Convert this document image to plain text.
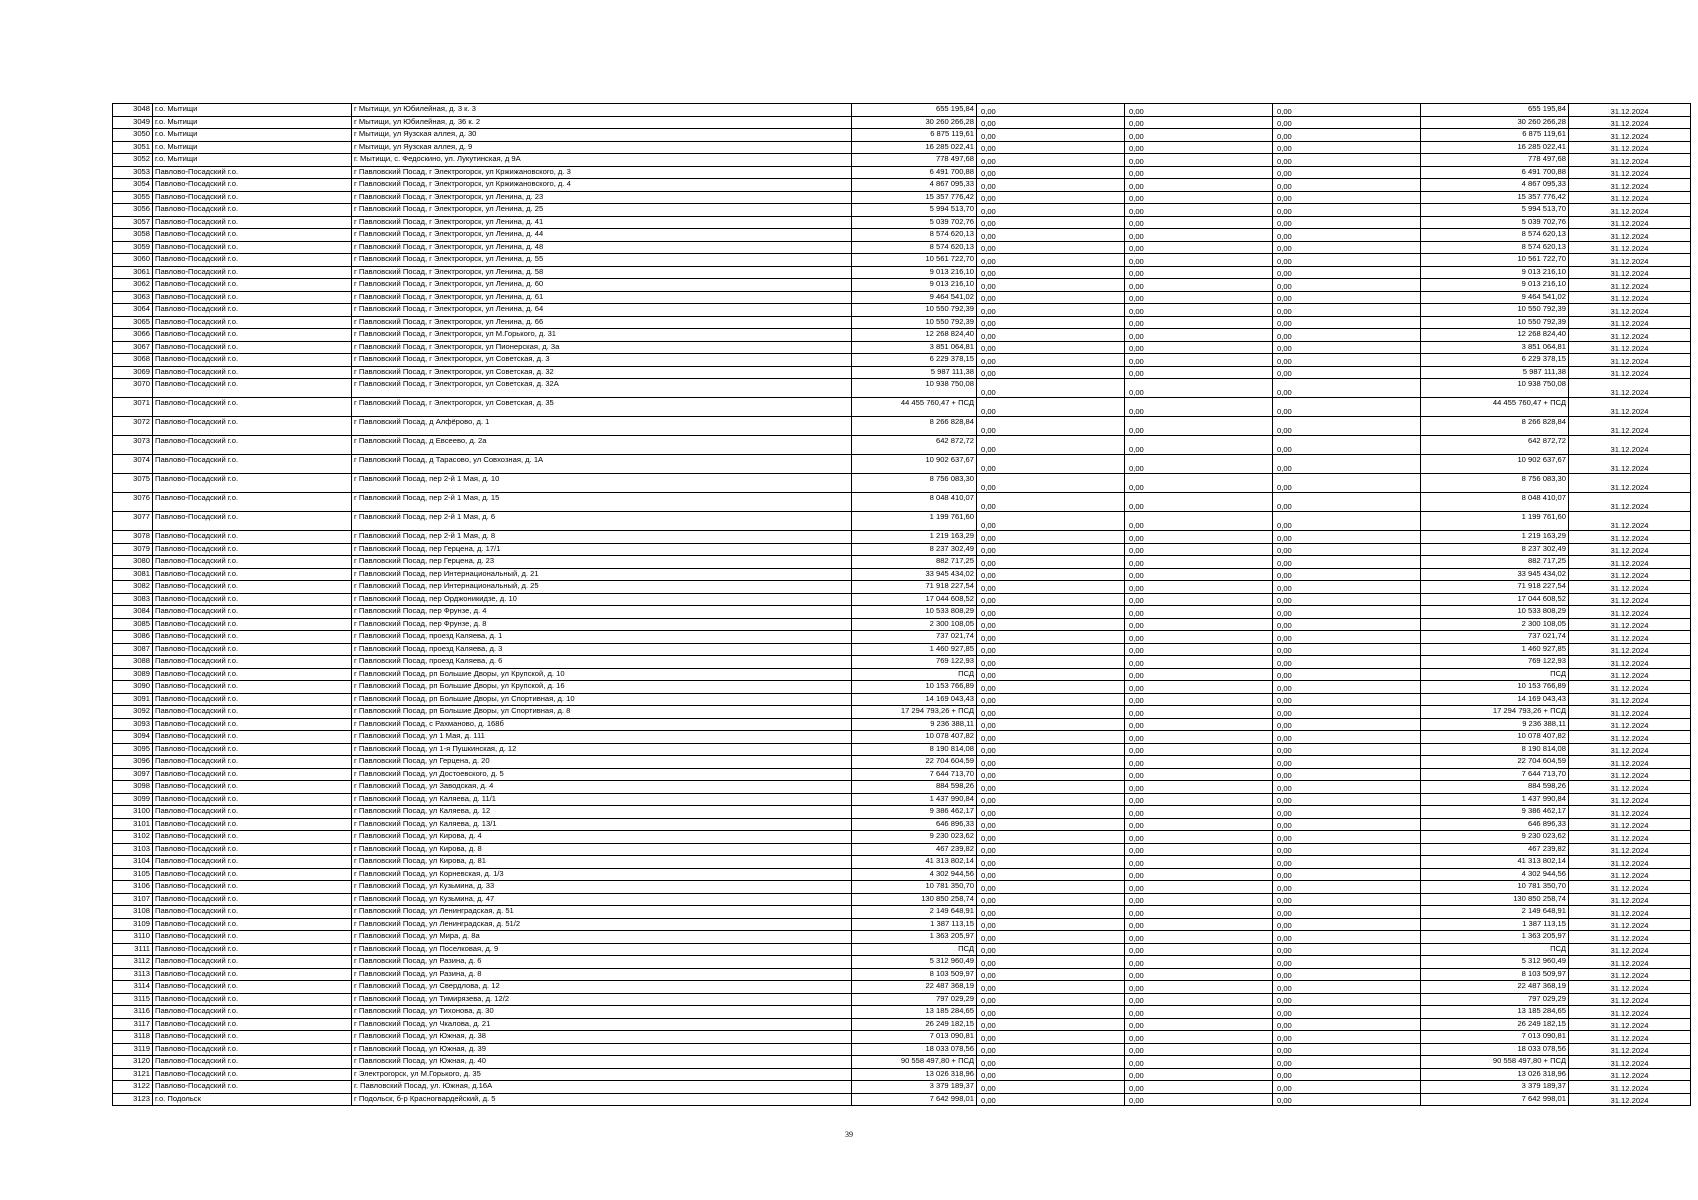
3048	г.о. Мытищи	г Мытищи, ул Юбилейная, д. 3 к. 3	655 195,84	0,00	0,00	0,00	655 195,84	31.12.2024
3049	г.о. Мытищи	г Мытищи, ул Юбилейная, д. 36 к. 2	30 260 266,28	0,00	0,00	0,00	30 260 266,28	31.12.2024
3050	г.о. Мытищи	г Мытищи, ул Яузская аллея, д. 30	6 875 119,61	0,00	0,00	0,00	6 875 119,61	31.12.2024
3051	г.о. Мытищи	г Мытищи, ул Яузская аллея, д. 9	16 285 022,41	0,00	0,00	0,00	16 285 022,41	31.12.2024
3052	г.о. Мытищи	г. Мытищи, с. Федоскино, ул. Лукутинская, д 9А	778 497,68	0,00	0,00	0,00	778 497,68	31.12.2024
3053	Павлово-Посадский г.о.	г Павловский Посад, г Электрогорск, ул Кржижановского, д. 3	6 491 700,88	0,00	0,00	0,00	6 491 700,88	31.12.2024
3054	Павлово-Посадский г.о.	г Павловский Посад, г Электрогорск, ул Кржижановского, д. 4	4 867 095,33	0,00	0,00	0,00	4 867 095,33	31.12.2024
3055	Павлово-Посадский г.о.	г Павловский Посад, г Электрогорск, ул Ленина, д. 23	15 357 776,42	0,00	0,00	0,00	15 357 776,42	31.12.2024
3056	Павлово-Посадский г.о.	г Павловский Посад, г Электрогорск, ул Ленина, д. 25	5 994 513,70	0,00	0,00	0,00	5 994 513,70	31.12.2024
3057	Павлово-Посадский г.о.	г Павловский Посад, г Электрогорск, ул Ленина, д. 41	5 039 702,76	0,00	0,00	0,00	5 039 702,76	31.12.2024
3058	Павлово-Посадский г.о.	г Павловский Посад, г Электрогорск, ул Ленина, д. 44	8 574 620,13	0,00	0,00	0,00	8 574 620,13	31.12.2024
3059	Павлово-Посадский г.о.	г Павловский Посад, г Электрогорск, ул Ленина, д. 48	8 574 620,13	0,00	0,00	0,00	8 574 620,13	31.12.2024
3060	Павлово-Посадский г.о.	г Павловский Посад, г Электрогорск, ул Ленина, д. 55	10 561 722,70	0,00	0,00	0,00	10 561 722,70	31.12.2024
3061	Павлово-Посадский г.о.	г Павловский Посад, г Электрогорск, ул Ленина, д. 58	9 013 216,10	0,00	0,00	0,00	9 013 216,10	31.12.2024
3062	Павлово-Посадский г.о.	г Павловский Посад, г Электрогорск, ул Ленина, д. 60	9 013 216,10	0,00	0,00	0,00	9 013 216,10	31.12.2024
3063	Павлово-Посадский г.о.	г Павловский Посад, г Электрогорск, ул Ленина, д. 61	9 464 541,02	0,00	0,00	0,00	9 464 541,02	31.12.2024
3064	Павлово-Посадский г.о.	г Павловский Посад, г Электрогорск, ул Ленина, д. 64	10 550 792,39	0,00	0,00	0,00	10 550 792,39	31.12.2024
3065	Павлово-Посадский г.о.	г Павловский Посад, г Электрогорск, ул Ленина, д. 66	10 550 792,39	0,00	0,00	0,00	10 550 792,39	31.12.2024
3066	Павлово-Посадский г.о.	г Павловский Посад, г Электрогорск, ул М.Горького, д. 31	12 268 824,40	0,00	0,00	0,00	12 268 824,40	31.12.2024
3067	Павлово-Посадский г.о.	г Павловский Посад, г Электрогорск, ул Пионерская, д. 3а	3 851 064,81	0,00	0,00	0,00	3 851 064,81	31.12.2024
3068	Павлово-Посадский г.о.	г Павловский Посад, г Электрогорск, ул Советская, д. 3	6 229 378,15	0,00	0,00	0,00	6 229 378,15	31.12.2024
3069	Павлово-Посадский г.о.	г Павловский Посад, г Электрогорск, ул Советская, д. 32	5 987 111,38	0,00	0,00	0,00	5 987 111,38	31.12.2024
3070	Павлово-Посадский г.о.	г Павловский Посад, г Электрогорск, ул Советская, д. 32А	10 938 750,08	0,00	0,00	0,00	10 938 750,08	31.12.2024
3071	Павлово-Посадский г.о.	г Павловский Посад, г Электрогорск, ул Советская, д. 35	44 455 760,47 + ПСД	0,00	0,00	0,00	44 455 760,47 + ПСД	31.12.2024
3072	Павлово-Посадский г.о.	г Павловский Посад, д Алфёрово, д. 1	8 266 828,84	0,00	0,00	0,00	8 266 828,84	31.12.2024
3073	Павлово-Посадский г.о.	г Павловский Посад, д Евсеево, д. 2а	642 872,72	0,00	0,00	0,00	642 872,72	31.12.2024
3074	Павлово-Посадский г.о.	г Павловский Посад, д Тарасово, ул Совхозная, д. 1А	10 902 637,67	0,00	0,00	0,00	10 902 637,67	31.12.2024
3075	Павлово-Посадский г.о.	г Павловский Посад, пер 2-й 1 Мая, д. 10	8 756 083,30	0,00	0,00	0,00	8 756 083,30	31.12.2024
3076	Павлово-Посадский г.о.	г Павловский Посад, пер 2-й 1 Мая, д. 15	8 048 410,07	0,00	0,00	0,00	8 048 410,07	31.12.2024
3077	Павлово-Посадский г.о.	г Павловский Посад, пер 2-й 1 Мая, д. 6	1 199 761,60	0,00	0,00	0,00	1 199 761,60	31.12.2024
3078	Павлово-Посадский г.о.	г Павловский Посад, пер 2-й 1 Мая, д. 8	1 219 163,29	0,00	0,00	0,00	1 219 163,29	31.12.2024
3079	Павлово-Посадский г.о.	г Павловский Посад, пер Герцена, д. 17/1	8 237 302,49	0,00	0,00	0,00	8 237 302,49	31.12.2024
3080	Павлово-Посадский г.о.	г Павловский Посад, пер Герцена, д. 23	882 717,25	0,00	0,00	0,00	882 717,25	31.12.2024
3081	Павлово-Посадский г.о.	г Павловский Посад, пер Интернациональный, д. 21	33 945 434,02	0,00	0,00	0,00	33 945 434,02	31.12.2024
3082	Павлово-Посадский г.о.	г Павловский Посад, пер Интернациональный, д. 25	71 918 227,54	0,00	0,00	0,00	71 918 227,54	31.12.2024
3083	Павлово-Посадский г.о.	г Павловский Посад, пер Орджоникидзе, д. 10	17 044 608,52	0,00	0,00	0,00	17 044 608,52	31.12.2024
3084	Павлово-Посадский г.о.	г Павловский Посад, пер Фрунзе, д. 4	10 533 808,29	0,00	0,00	0,00	10 533 808,29	31.12.2024
3085	Павлово-Посадский г.о.	г Павловский Посад, пер Фрунзе, д. 8	2 300 108,05	0,00	0,00	0,00	2 300 108,05	31.12.2024
3086	Павлово-Посадский г.о.	г Павловский Посад, проезд Каляева, д. 1	737 021,74	0,00	0,00	0,00	737 021,74	31.12.2024
3087	Павлово-Посадский г.о.	г Павловский Посад, проезд Каляева, д. 3	1 460 927,85	0,00	0,00	0,00	1 460 927,85	31.12.2024
3088	Павлово-Посадский г.о.	г Павловский Посад, проезд Каляева, д. 6	769 122,93	0,00	0,00	0,00	769 122,93	31.12.2024
3089	Павлово-Посадский г.о.	г Павловский Посад, рп Большие Дворы, ул Крупской, д. 10	ПСД	0,00	0,00	0,00	ПСД	31.12.2024
3090	Павлово-Посадский г.о.	г Павловский Посад, рп Большие Дворы, ул Крупской, д. 16	10 153 766,89	0,00	0,00	0,00	10 153 766,89	31.12.2024
3091	Павлово-Посадский г.о.	г Павловский Посад, рп Большие Дворы, ул Спортивная, д. 10	14 169 043,43	0,00	0,00	0,00	14 169 043,43	31.12.2024
3092	Павлово-Посадский г.о.	г Павловский Посад, рп Большие Дворы, ул Спортивная, д. 8	17 294 793,26 + ПСД	0,00	0,00	0,00	17 294 793,26 + ПСД	31.12.2024
3093	Павлово-Посадский г.о.	г Павловский Посад, с Рахманово, д. 168б	9 236 388,11	0,00	0,00	0,00	9 236 388,11	31.12.2024
3094	Павлово-Посадский г.о.	г Павловский Посад, ул 1 Мая, д. 111	10 078 407,82	0,00	0,00	0,00	10 078 407,82	31.12.2024
3095	Павлово-Посадский г.о.	г Павловский Посад, ул 1-я Пушкинская, д. 12	8 190 814,08	0,00	0,00	0,00	8 190 814,08	31.12.2024
3096	Павлово-Посадский г.о.	г Павловский Посад, ул Герцена, д. 20	22 704 604,59	0,00	0,00	0,00	22 704 604,59	31.12.2024
3097	Павлово-Посадский г.о.	г Павловский Посад, ул Достоевского, д. 5	7 644 713,70	0,00	0,00	0,00	7 644 713,70	31.12.2024
3098	Павлово-Посадский г.о.	г Павловский Посад, ул Заводская, д. 4	884 598,26	0,00	0,00	0,00	884 598,26	31.12.2024
3099	Павлово-Посадский г.о.	г Павловский Посад, ул Каляева, д. 11/1	1 437 990,84	0,00	0,00	0,00	1 437 990,84	31.12.2024
3100	Павлово-Посадский г.о.	г Павловский Посад, ул Каляева, д. 12	9 386 462,17	0,00	0,00	0,00	9 386 462,17	31.12.2024
3101	Павлово-Посадский г.о.	г Павловский Посад, ул Каляева, д. 13/1	646 896,33	0,00	0,00	0,00	646 896,33	31.12.2024
3102	Павлово-Посадский г.о.	г Павловский Посад, ул Кирова, д. 4	9 230 023,62	0,00	0,00	0,00	9 230 023,62	31.12.2024
3103	Павлово-Посадский г.о.	г Павловский Посад, ул Кирова, д. 8	467 239,82	0,00	0,00	0,00	467 239,82	31.12.2024
3104	Павлово-Посадский г.о.	г Павловский Посад, ул Кирова, д. 81	41 313 802,14	0,00	0,00	0,00	41 313 802,14	31.12.2024
3105	Павлово-Посадский г.о.	г Павловский Посад, ул Корневская, д. 1/3	4 302 944,56	0,00	0,00	0,00	4 302 944,56	31.12.2024
3106	Павлово-Посадский г.о.	г Павловский Посад, ул Кузьмина, д. 33	10 781 350,70	0,00	0,00	0,00	10 781 350,70	31.12.2024
3107	Павлово-Посадский г.о.	г Павловский Посад, ул Кузьмина, д. 47	130 850 258,74	0,00	0,00	0,00	130 850 258,74	31.12.2024
3108	Павлово-Посадский г.о.	г Павловский Посад, ул Ленинградская, д. 51	2 149 648,91	0,00	0,00	0,00	2 149 648,91	31.12.2024
3109	Павлово-Посадский г.о.	г Павловский Посад, ул Ленинградская, д. 51/2	1 387 113,15	0,00	0,00	0,00	1 387 113,15	31.12.2024
3110	Павлово-Посадский г.о.	г Павловский Посад, ул Мира, д. 8а	1 363 205,97	0,00	0,00	0,00	1 363 205,97	31.12.2024
3111	Павлово-Посадский г.о.	г Павловский Посад, ул Поселковая, д. 9	ПСД	0,00	0,00	0,00	ПСД	31.12.2024
3112	Павлово-Посадский г.о.	г Павловский Посад, ул Разина, д. 6	5 312 960,49	0,00	0,00	0,00	5 312 960,49	31.12.2024
3113	Павлово-Посадский г.о.	г Павловский Посад, ул Разина, д. 8	8 103 509,97	0,00	0,00	0,00	8 103 509,97	31.12.2024
3114	Павлово-Посадский г.о.	г Павловский Посад, ул Свердлова, д. 12	22 487 368,19	0,00	0,00	0,00	22 487 368,19	31.12.2024
3115	Павлово-Посадский г.о.	г Павловский Посад, ул Тимирязева, д. 12/2	797 029,29	0,00	0,00	0,00	797 029,29	31.12.2024
3116	Павлово-Посадский г.о.	г Павловский Посад, ул Тихонова, д. 30	13 185 284,65	0,00	0,00	0,00	13 185 284,65	31.12.2024
3117	Павлово-Посадский г.о.	г Павловский Посад, ул Чкалова, д. 21	26 249 182,15	0,00	0,00	0,00	26 249 182,15	31.12.2024
3118	Павлово-Посадский г.о.	г Павловский Посад, ул Южная, д. 38	7 013 090,81	0,00	0,00	0,00	7 013 090,81	31.12.2024
3119	Павлово-Посадский г.о.	г Павловский Посад, ул Южная, д. 39	18 033 078,56	0,00	0,00	0,00	18 033 078,56	31.12.2024
3120	Павлово-Посадский г.о.	г Павловский Посад, ул Южная, д. 40	90 558 497,80 + ПСД	0,00	0,00	0,00	90 558 497,80 + ПСД	31.12.2024
3121	Павлово-Посадский г.о.	г Электрогорск, ул М.Горького, д. 35	13 026 318,96	0,00	0,00	0,00	13 026 318,96	31.12.2024
3122	Павлово-Посадский г.о.	г. Павловский Посад, ул. Южная, д.16А	3 379 189,37	0,00	0,00	0,00	3 379 189,37	31.12.2024
3123	г.о. Подольск	г Подольск, б-р Красногвардейский, д. 5	7 642 998,01	0,00	0,00	0,00	7 642 998,01	31.12.2024
39
